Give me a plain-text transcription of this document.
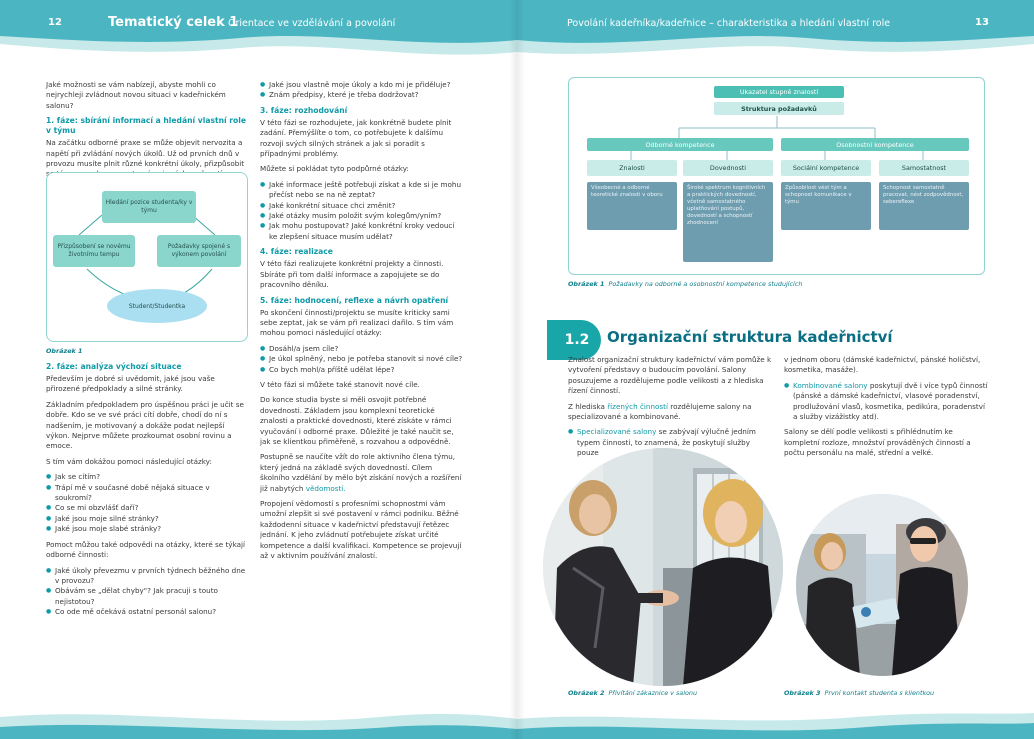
12	Tematický celek 1
Orientace ve vzdělávání a povolání

Jaké možnosti se vám nabízejí, abyste mohli co nejrychleji zvládnout novou situaci v kadeřnickém salonu?

1. fáze: sbírání informací a hledání vlastní role v týmu

Na začátku odborné praxe se může objevit nervozita a napětí při zvládání nových úkolů. Už od prvních dnů v provozu musíte plnit různé konkrétní úkoly, přizpůsobit

Hledání pozice studenta/ky v týmu
Přizpůsobení se novému životnímu tempu
Požadavky spojené s výkonem povolání
Student/Studentka
Obrázek 1
2. fáze: analýza výchozí situace

Především je dobré si uvědomit, jaké jsou vaše přirozené předpoklady a silné stránky.

Základním předpokladem pro úspěšnou práci je učit se dobře. Kdo se ve své práci cítí dobře, chodí do ní s nadšením, je motivovaný a dokáže podat nejlepší výkon. Nejprve můžete prozkoumat osobní rovinu a emoce.

S tím vám dokážou pomoci následující otázky:

● Jak se cítím?
● Trápí mě v současné době nějaká situace v soukromí?
● Co se mi obzvlášť daří?
● Jaké jsou moje silné stránky?
● Jaké jsou moje slabé stránky?

Pomoct můžou také odpovědi na otázky, které se týkají odborné činnosti:

● Jaké úkoly převezmu v prvních týdnech běžného dne v provozu?
● Obávám se „dělat chyby"? Jak pracuji s touto nejistotou?
● Co ode mě očekává ostatní personál salonu?
● Jaké jsou vlastně moje úkoly a kdo mi je přiděluje?
● Znám předpisy, které je třeba dodržovat?
3. fáze: rozhodování

V této fázi se rozhodujete, jak konkrétně budete plnit zadání. Přemýšlíte o tom, co potřebujete k dalšímu rozvoji svých silných stránek a jak si poradit s případnými problémy.

Můžete si pokládat tyto podpůrné otázky:

● Jaké informace ještě potřebuji získat a kde si je mohu přečíst nebo se na ně zeptat?
● Jaké konkrétní situace chci změnit?
● Jaké otázky musím položit svým kolegům/yním?
● Jak mohu postupovat? Jaké konkrétní kroky vedoucí ke zlepšení situace musím udělat?
4. fáze: realizace

V této fázi realizujete konkrétní projekty a činnosti. Sbíráte při tom další informace a zapojujete se do pracovního děníku.

5. fáze: hodnocení, reflexe a návrh opatření

Po skončení činnosti/projektu se musíte kriticky sami sebe zeptat, jak se vám při realizaci dařilo. S tím vám mohou pomoci následující otázky:

● Dosáhl/a jsem cíle?
● Je úkol splněný, nebo je potřeba stanovit si nové cíle?
● Co bych mohl/a příště udělat lépe?

V této fázi si můžete také stanovit nové cíle.

Do konce studia byste si měli osvojit potřebné dovednosti. Základem jsou komplexní teoretické znalosti a praktické dovednosti, které získáte v rámci vyučování i odborné praxe. Důležité je také naučit se, jak se klientkou přiměřeně, s rozvahou a odpovědně.

Postupně se naučíte vžít do role aktivního člena týmu, který jedná na základě svých dovedností. Cílem školního vzdělání by mělo být získání nových a rozšíření již nabytých vědomostí.

Propojení vědomostí s profesními schopnostmi vám umožní zlepšit si své postavení v rámci podniku. Běžné každodenní situace v kadeřnictví představují řetězec jednání. K jeho zvládnutí potřebujete získat určité kompetence a další kvalifikaci. Kompetence se projevují až v aktivním používání znalostí.

Povolání kadeřníka/kadeřnice – charakteristika a hledání vlastní role	13
Ukazatel stupně znalostí
Struktura požadavků
Odborné kompetence	Osobnostní kompetence
Znalosti	Dovednosti	Sociální kompetence	Samostatnost
Všeobecné a odborné teoretické znalosti v oboru
Široké spektrum kognitivních a praktických dovedností, včetně samostatného uplatňování postupů, dovedností a schopností zhodnocení
Způsobilost vést tým a schopnost komunikace v týmu
Schopnost samostatně pracovat, nést zodpovědnost, sebereflexe
Obrázek 1 Požadavky na odborné a osobnostní kompetence studujících
1.2	Organizační struktura kadeřnictví

Znalost organizační struktury kadeřnictví vám pomůže k vytvoření představy o budoucím povolání. Salony posuzujeme a rozdělujeme podle velikosti a z hlediska řízení činností.

Z hlediska řízených činností rozdělujeme salony na specializované a kombinované.

● Specializované salony se zabývají výlučně jedním typem činnosti, to znamená, že poskytují služby pouze

v jednom oboru (dámské kadeřnictví, pánské holičství, kosmetika, masáže).

● Kombinované salony poskytují dvě i více typů činností (pánské a dámské kadeřnictví, vlasové poradenství, prodlužování vlasů, kosmetika, pedikúra, poradenství a služby vizážistky atd).

Salony se dělí podle velikosti s přihlédnutím ke kompletní rozloze, množství prováděných činností a počtu personálu na malé, střední a velké.

Obrázek 2 Přivítání zákaznice v salonu	Obrázek 3 První kontakt studenta s klientkou
